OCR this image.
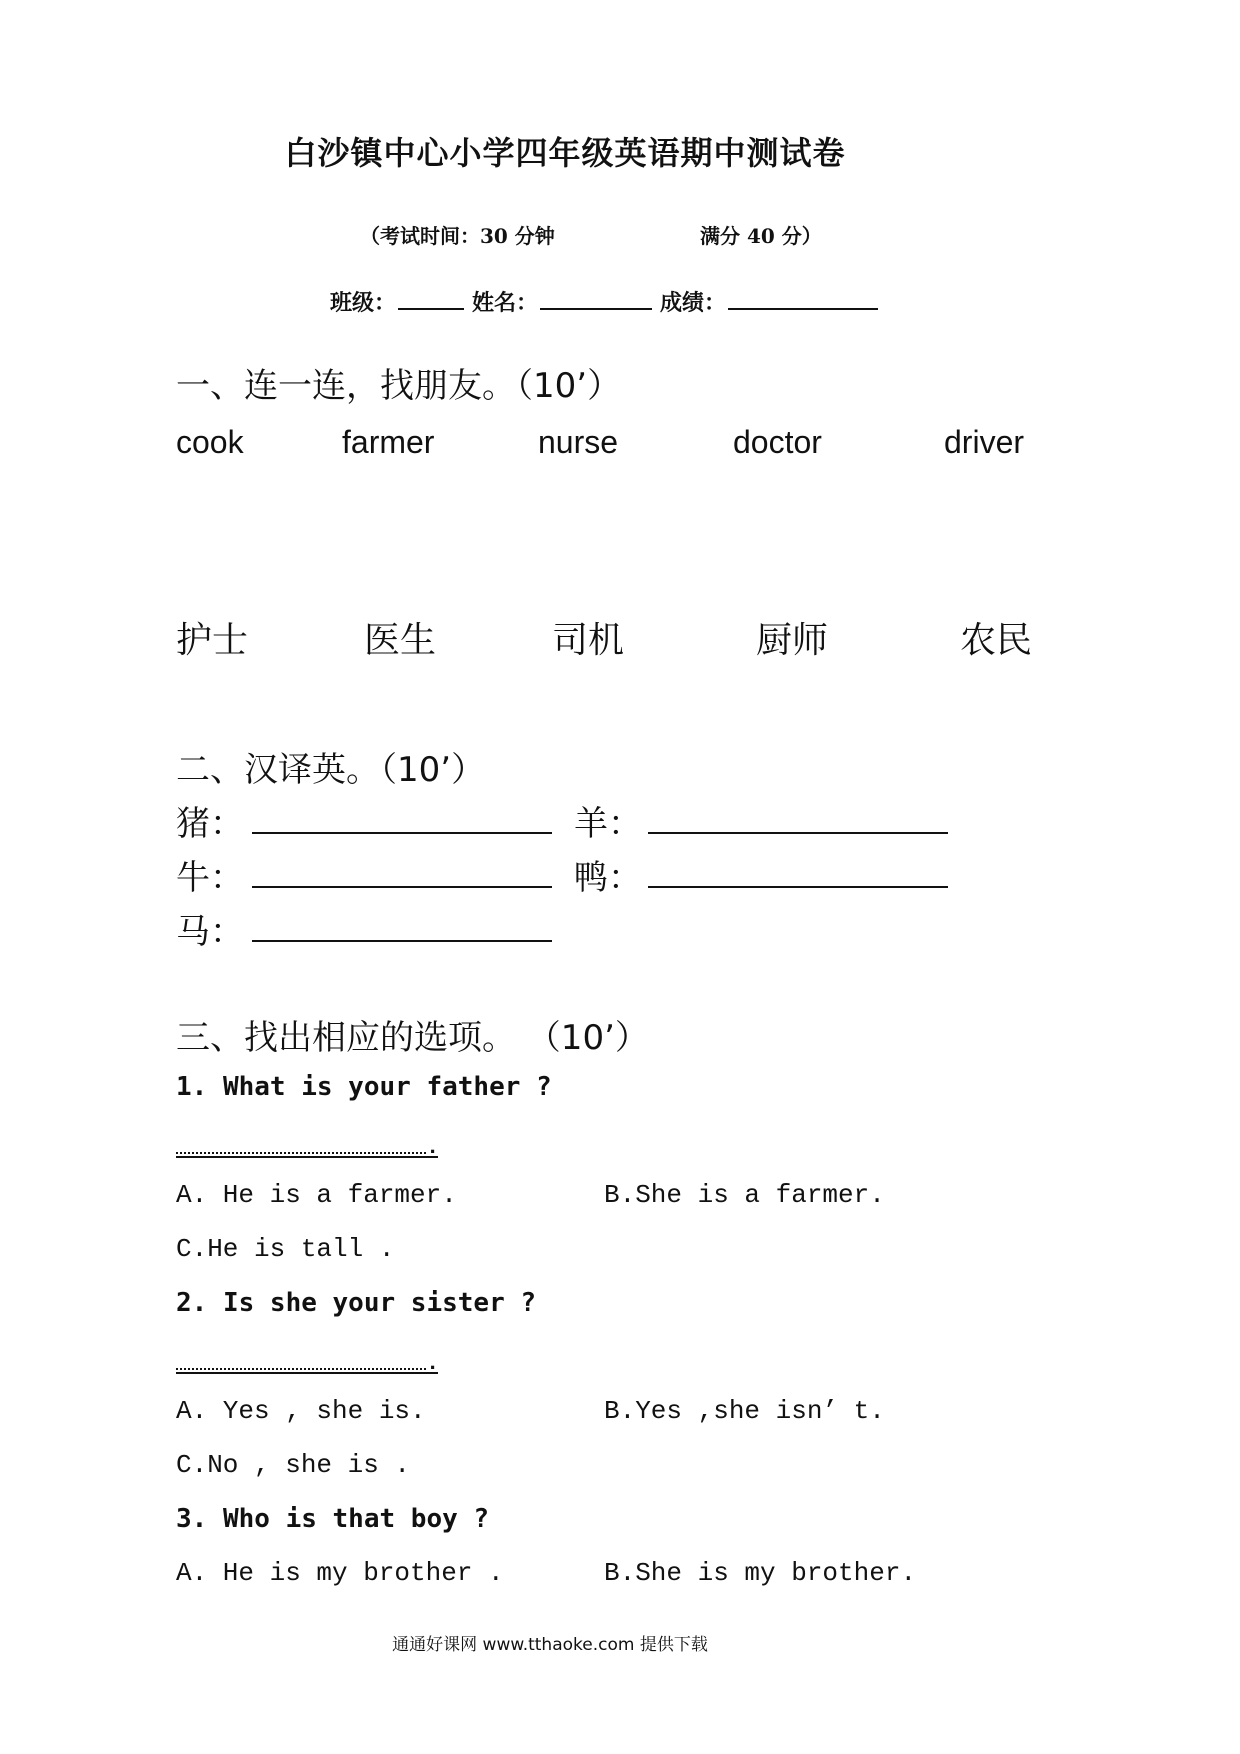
白沙镇中心小学四年级英语期中测试卷
（考试时间：30 分钟	满分 40 分）
班级：	姓名：	成绩：
一、连一连，找朋友。（10’）
cook	farmer	nurse	doctor	driver
护士	医生	司机	厨师	农民
二、汉译英。（10’）
猪：	羊：
牛：	鸭：
马：
三、找出相应的选项。 （10’）
1. What is your father ?
.
A. He is a farmer.	B.She is a farmer.
C.He is tall .
2. Is she your sister ?
.
A. Yes , she is.	B.Yes ,she isn’ t.
C.No , she is .
3. Who is that boy ?
A. He is my brother .	B.She is my brother.
通通好课网 www.tthaoke.com 提供下载
